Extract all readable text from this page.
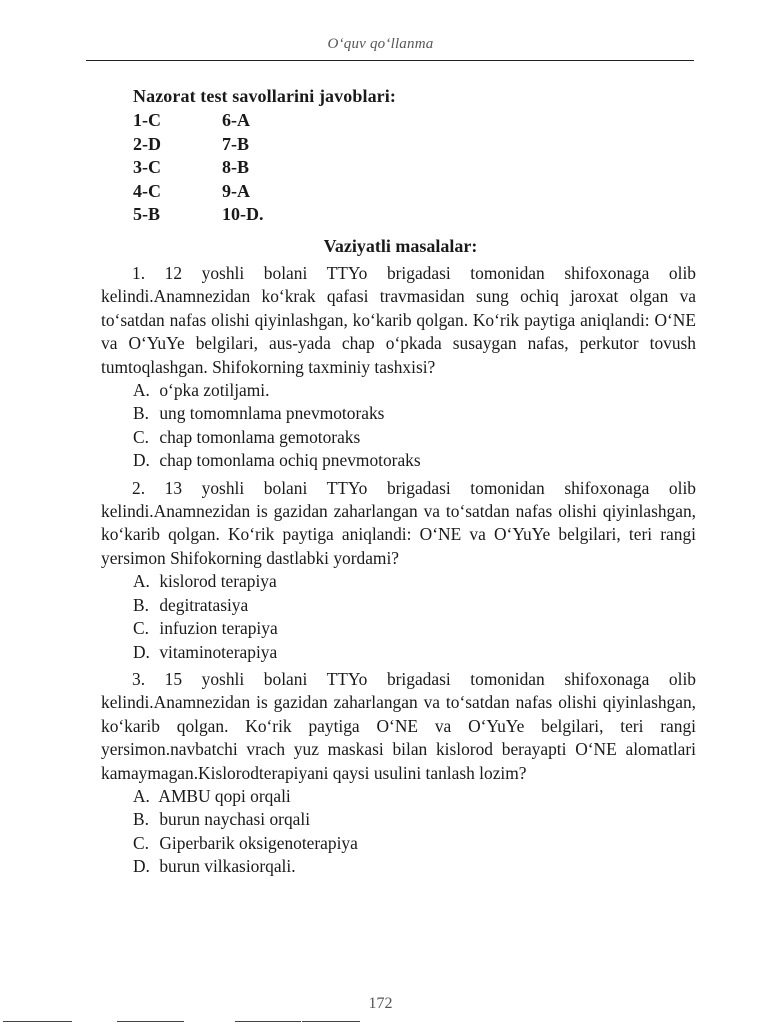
O‘quv qo‘llanma
Nazorat test savollarini javoblari:
1-C	6-A
2-D	7-B
3-C	8-B
4-C	9-A
5-B	10-D.
Vaziyatli masalalar:

1. 12 yoshli bolani TTYo brigadasi tomonidan shifoxonaga olib kelindi.Anamnezidan ko‘krak qafasi travmasidan sung ochiq jaroxat olgan va to‘satdan nafas olishi qiyinlashgan, ko‘karib qolgan. Ko‘rik paytiga aniqlandi: O‘NE va O‘YuYe belgilari, aus-yada chap o‘pkada susaygan nafas, perkutor tovush tumtoqlashgan. Shifokorning taxminiy tashxisi?

A. o‘pka zotiljami.
B. ung tomomnlama pnevmotoraks
C. chap tomonlama gemotoraks
D. chap tomonlama ochiq pnevmotoraks

2. 13 yoshli bolani TTYo brigadasi tomonidan shifoxonaga olib kelindi.Anamnezidan is gazidan zaharlangan va to‘satdan nafas olishi qiyinlashgan, ko‘karib qolgan. Ko‘rik paytiga aniqlandi: O‘NE va O‘YuYe belgilari, teri rangi yersimon Shifokorning dastlabki yordami?

A. kislorod terapiya
B. degitratasiya
C. infuzion terapiya
D. vitaminoterapiya

3. 15 yoshli bolani TTYo brigadasi tomonidan shifoxonaga olib kelindi.Anamnezidan is gazidan zaharlangan va to‘satdan nafas olishi qiyinlashgan, ko‘karib qolgan. Ko‘rik paytiga O‘NE va O‘YuYe belgilari, teri rangi yersimon.navbatchi vrach yuz maskasi bilan kislorod berayapti O‘NE alomatlari kamaymagan.Kislorodterapiyani qaysi usulini tanlash lozim?

A. AMBU qopi orqali
B. burun naychasi orqali
C. Giperbarik oksigenoterapiya
D. burun vilkasiorqali.
172
